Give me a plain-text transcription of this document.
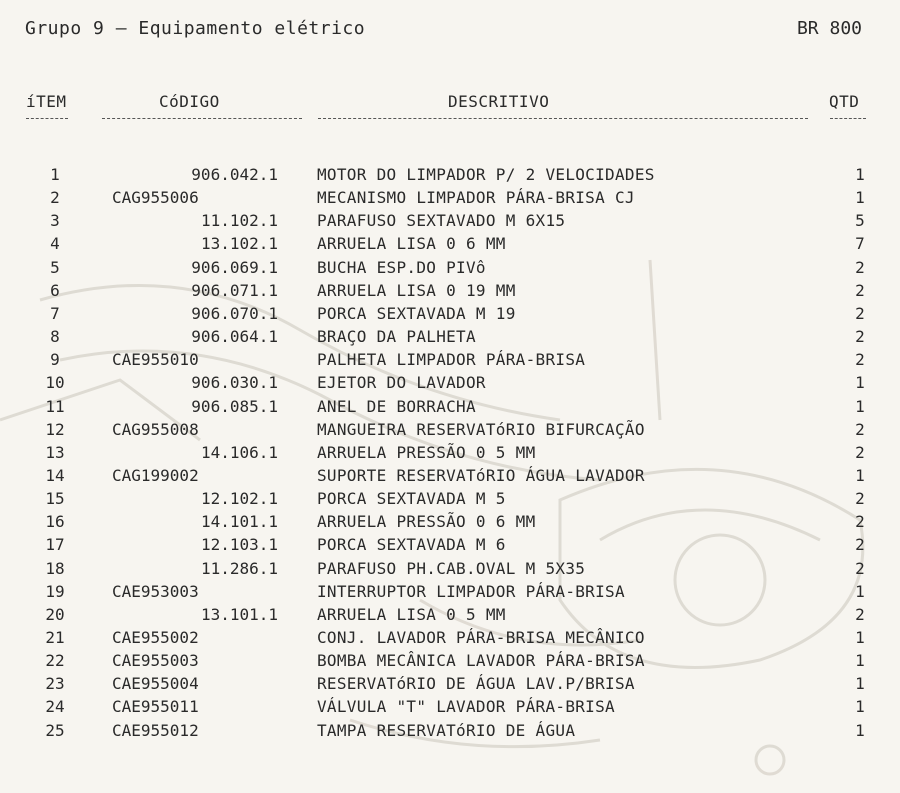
Grupo 9 – Equipamento elétrico	BR 800
íTEM	CóDIGO	DESCRITIVO	QTD
1	906.042.1 MOTOR DO LIMPADOR P/ 2 VELOCIDADES	1
2	CAG955006	MECANISMO LIMPADOR PÁRA-BRISA CJ	1
3	11.102.1 PARAFUSO SEXTAVADO M 6X15	5
4	13.102.1 ARRUELA LISA 0 6 MM	7
5	906.069.1 BUCHA ESP.DO PIVô	2
6	906.071.1 ARRUELA LISA 0 19 MM	2
7	906.070.1 PORCA SEXTAVADA M 19	2
8	906.064.1 BRAÇO DA PALHETA	2
9	CAE955010	PALHETA LIMPADOR PÁRA-BRISA	2
10	906.030.1 EJETOR DO LAVADOR	1
11	906.085.1 ANEL DE BORRACHA	1
12	CAG955008	MANGUEIRA RESERVATóRIO BIFURCAÇÃO	2
13	14.106.1 ARRUELA PRESSÃO 0 5 MM	2
14	CAG199002	SUPORTE RESERVATóRIO ÁGUA LAVADOR	1
15	12.102.1 PORCA SEXTAVADA M 5	2
16	14.101.1 ARRUELA PRESSÃO 0 6 MM	2
17	12.103.1 PORCA SEXTAVADA M 6	2
18	11.286.1 PARAFUSO PH.CAB.OVAL M 5X35	2
19	CAE953003	INTERRUPTOR LIMPADOR PÁRA-BRISA	1
20	13.101.1 ARRUELA LISA 0 5 MM	2
21	CAE955002	CONJ. LAVADOR PÁRA-BRISA MECÂNICO	1
22	CAE955003	BOMBA MECÂNICA LAVADOR PÁRA-BRISA	1
23	CAE955004	RESERVATóRIO DE ÁGUA LAV.P/BRISA	1
24	CAE955011	VÁLVULA "T" LAVADOR PÁRA-BRISA	1
25	CAE955012	TAMPA RESERVATóRIO DE ÁGUA	1
